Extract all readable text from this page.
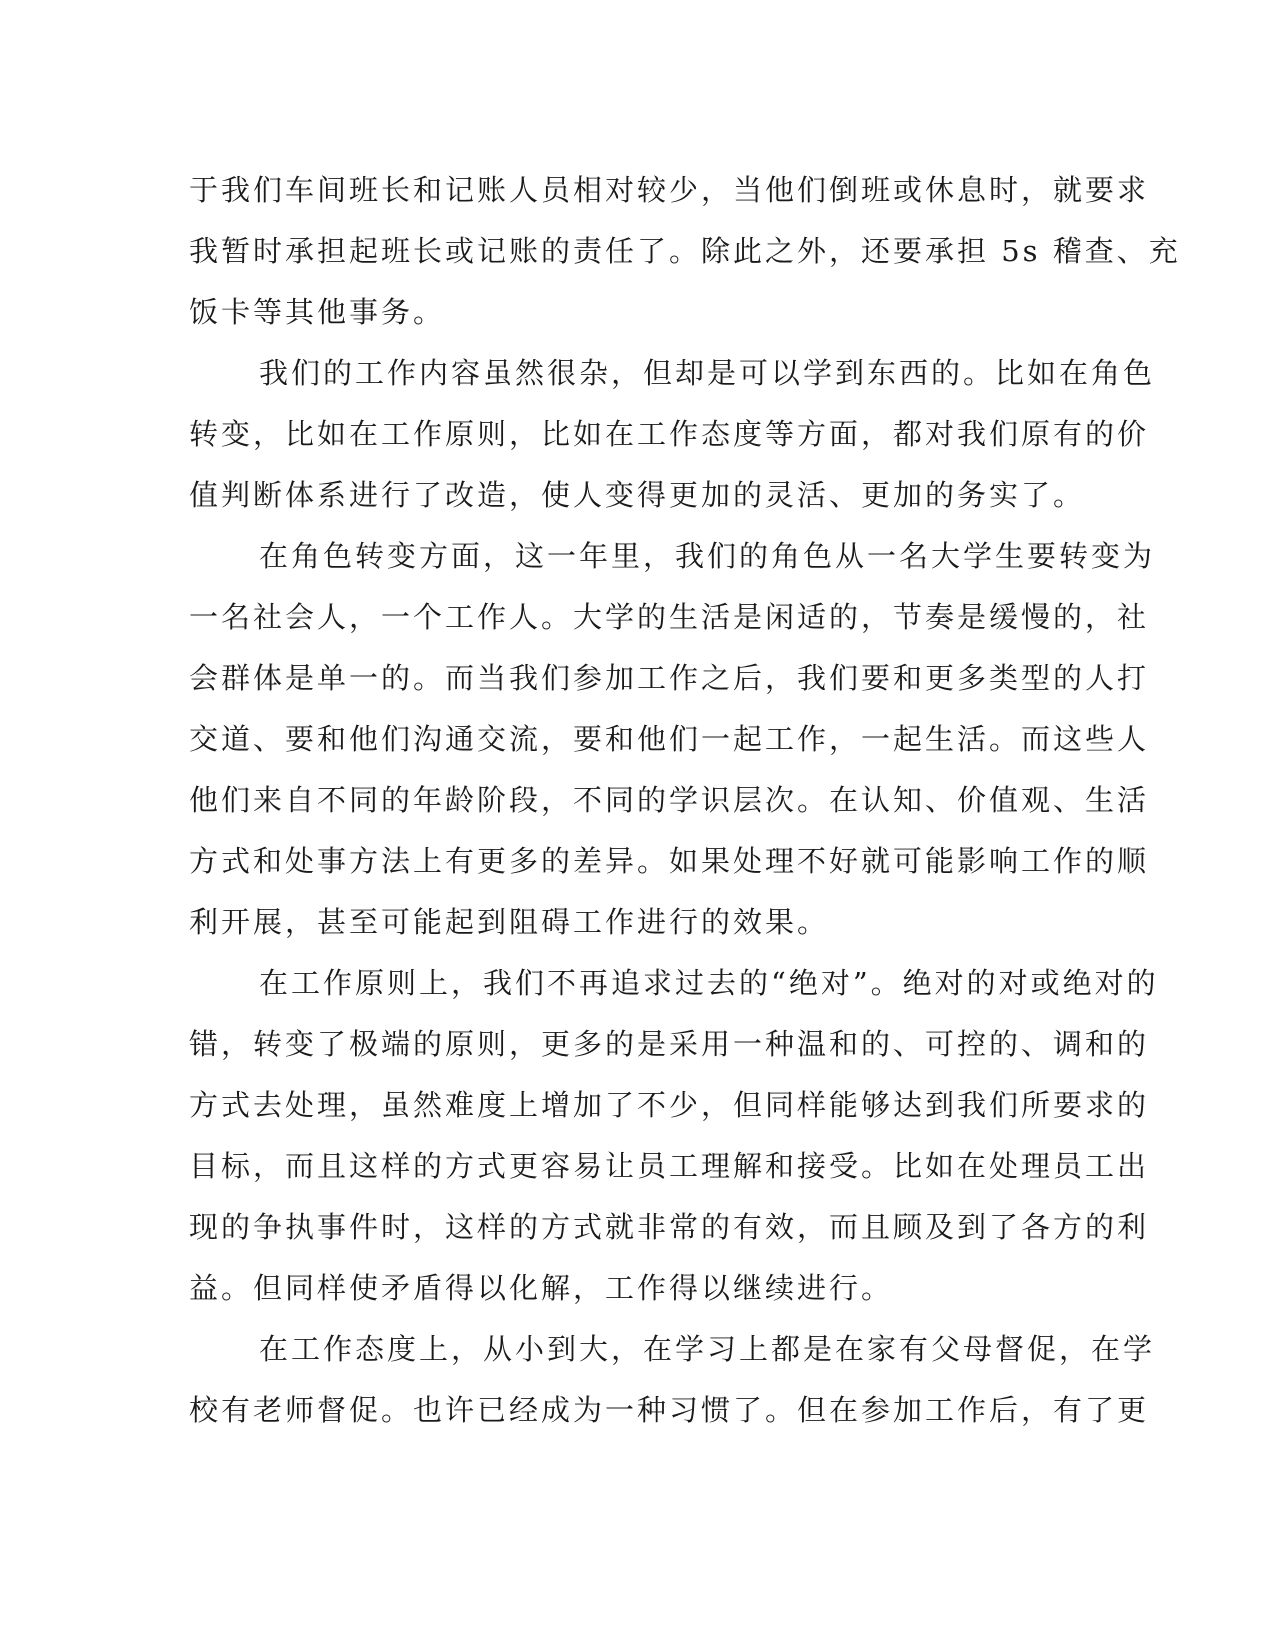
于我们车间班长和记账人员相对较少，当他们倒班或休息时，就要求

我暂时承担起班长或记账的责任了。除此之外，还要承担 5s 稽查、充

饭卡等其他事务。

我们的工作内容虽然很杂，但却是可以学到东西的。比如在角色

转变，比如在工作原则，比如在工作态度等方面，都对我们原有的价

值判断体系进行了改造，使人变得更加的灵活、更加的务实了。

在角色转变方面，这一年里，我们的角色从一名大学生要转变为

一名社会人，一个工作人。大学的生活是闲适的，节奏是缓慢的，社

会群体是单一的。而当我们参加工作之后，我们要和更多类型的人打

交道、要和他们沟通交流，要和他们一起工作，一起生活。而这些人

他们来自不同的年龄阶段，不同的学识层次。在认知、价值观、生活

方式和处事方法上有更多的差异。如果处理不好就可能影响工作的顺

利开展，甚至可能起到阻碍工作进行的效果。

在工作原则上，我们不再追求过去的“绝对”。绝对的对或绝对的

错，转变了极端的原则，更多的是采用一种温和的、可控的、调和的

方式去处理，虽然难度上增加了不少，但同样能够达到我们所要求的

目标，而且这样的方式更容易让员工理解和接受。比如在处理员工出

现的争执事件时，这样的方式就非常的有效，而且顾及到了各方的利

益。但同样使矛盾得以化解，工作得以继续进行。

在工作态度上，从小到大，在学习上都是在家有父母督促，在学

校有老师督促。也许已经成为一种习惯了。但在参加工作后，有了更
